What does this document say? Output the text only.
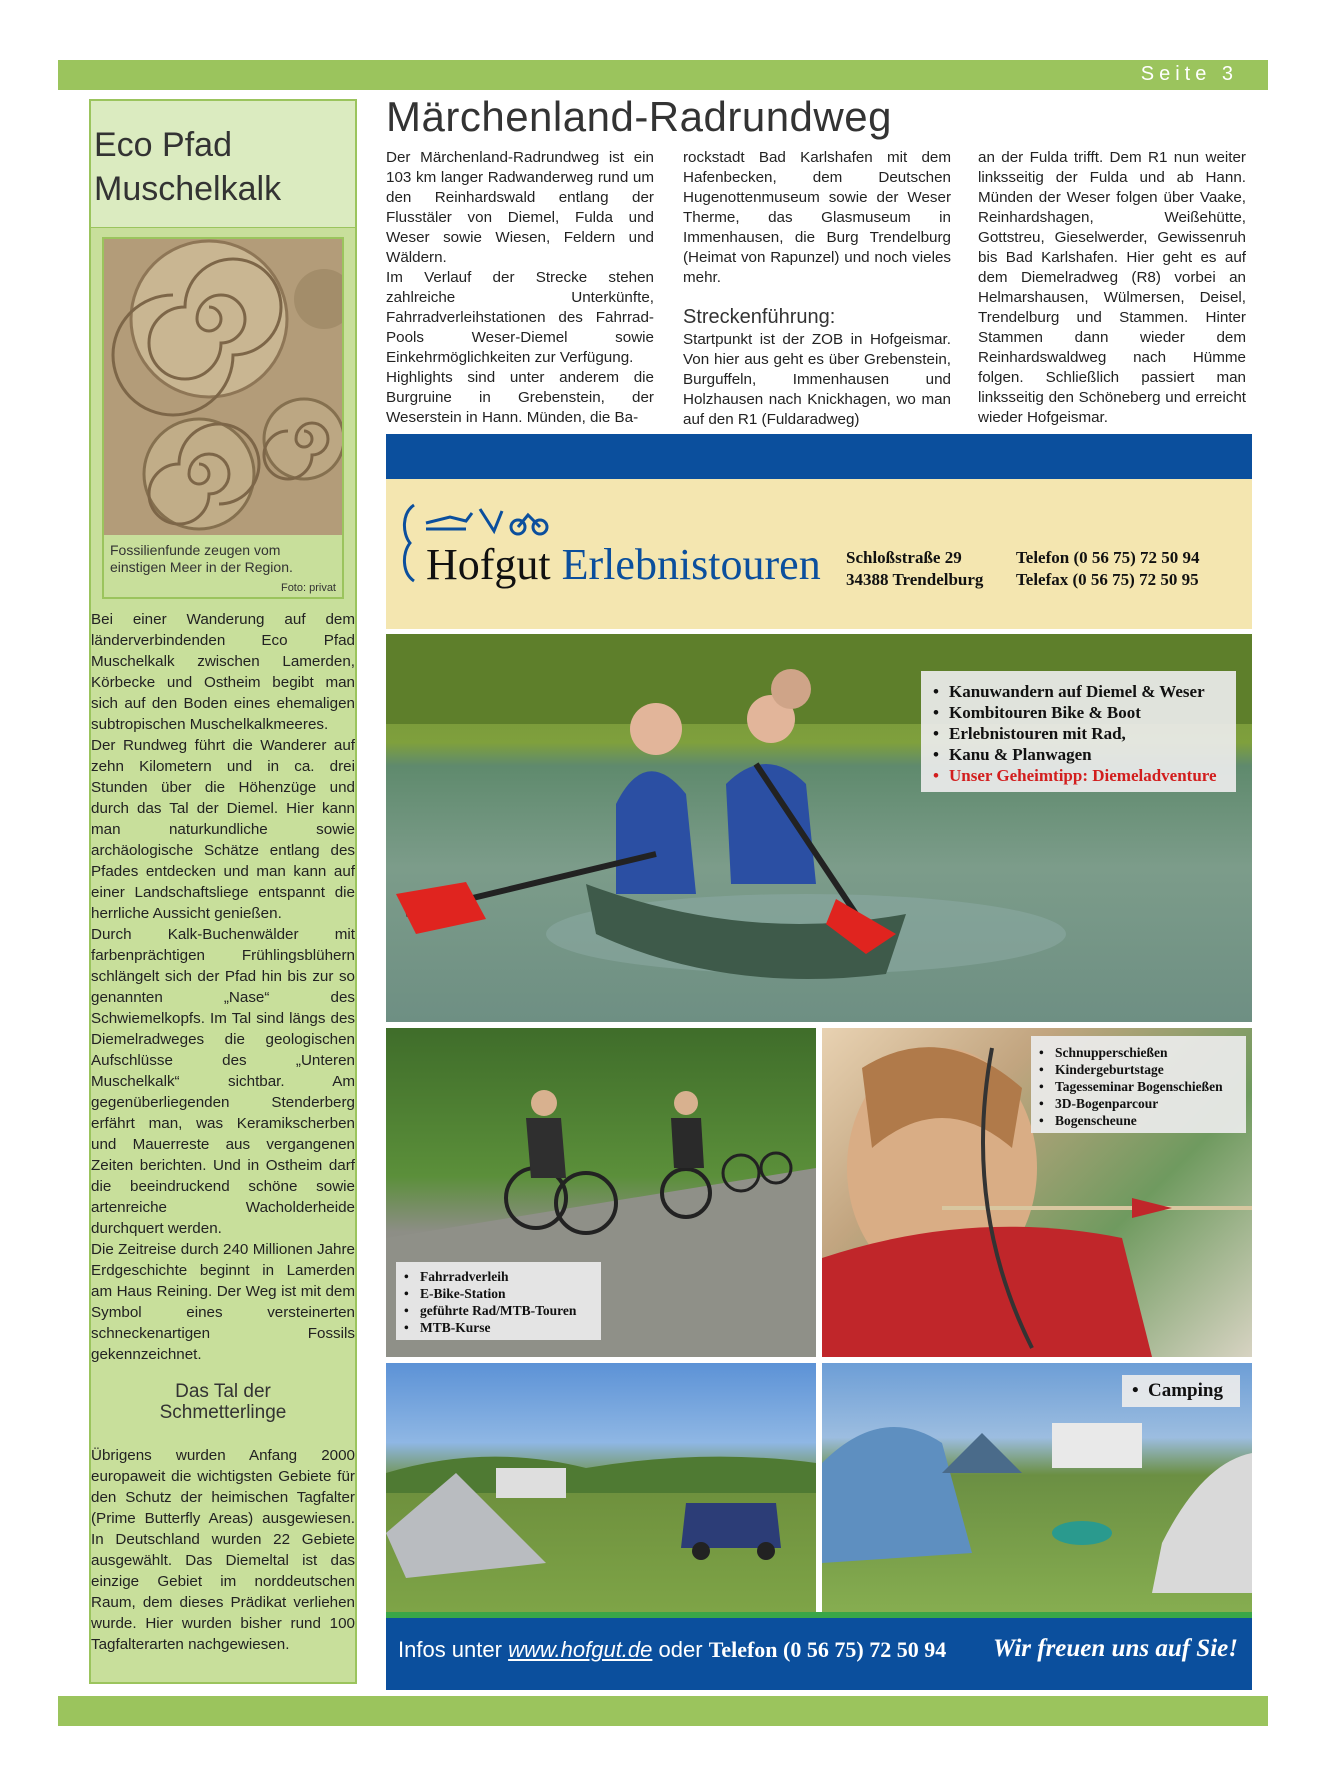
Seite 3
Eco Pfad
Muschelkalk
Fossilienfunde zeugen vom einstigen Meer in der Region.
Foto: privat

Bei einer Wanderung auf dem länderverbindenden Eco Pfad Muschelkalk zwischen Lamerden, Körbecke und Ostheim begibt man sich auf den Boden eines ehemaligen subtropischen Muschelkalkmeeres.

Der Rundweg führt die Wanderer auf zehn Kilometern und in ca. drei Stunden über die Höhenzüge und durch das Tal der Diemel. Hier kann man naturkundliche sowie archäologische Schätze entlang des Pfades entdecken und man kann auf einer Landschaftsliege entspannt die herrliche Aussicht genießen.

Durch Kalk-Buchenwälder mit farbenprächtigen Frühlingsblühern schlängelt sich der Pfad hin bis zur so genannten „Nase“ des Schwiemelkopfs. Im Tal sind längs des Diemelradweges die geologischen Aufschlüsse des „Unteren Muschelkalk“ sichtbar. Am gegenüberliegenden Stenderberg erfährt man, was Keramikscherben und Mauerreste aus vergangenen Zeiten berichten. Und in Ostheim darf die beeindruckend schöne sowie artenreiche Wacholderheide durchquert werden.

Die Zeitreise durch 240 Millionen Jahre Erdgeschichte beginnt in Lamerden am Haus Reining. Der Weg ist mit dem Symbol eines versteinerten schneckenartigen Fossils gekennzeichnet.

Das Tal der
Schmetterlinge

Übrigens wurden Anfang 2000 europaweit die wichtigsten Gebiete für den Schutz der heimischen Tagfalter (Prime Butterfly Areas) ausgewiesen. In Deutschland wurden 22 Gebiete ausgewählt. Das Diemeltal ist das einzige Gebiet im norddeutschen Raum, dem dieses Prädikat verliehen wurde. Hier wurden bisher rund 100 Tagfalterarten nachgewiesen.

Märchenland-Radrundweg

Der Märchenland-Radrundweg ist ein 103 km langer Radwanderweg rund um den Reinhardswald entlang der Flusstäler von Diemel, Fulda und Weser sowie Wiesen, Feldern und Wäldern.

Im Verlauf der Strecke stehen zahlreiche Unterkünfte, Fahrradverleihstationen des Fahrrad-Pools Weser-Diemel sowie Einkehrmöglichkeiten zur Verfügung.

Highlights sind unter anderem die Burgruine in Grebenstein, der Weserstein in Hann. Münden, die Ba-

rockstadt Bad Karlshafen mit dem Hafenbecken, dem Deutschen Hugenottenmuseum sowie der Weser Therme, das Glasmuseum in Immenhausen, die Burg Trendelburg (Heimat von Rapunzel) und noch vieles mehr.

Streckenführung:

Startpunkt ist der ZOB in Hofgeismar. Von hier aus geht es über Grebenstein, Burguffeln, Immenhausen und Holzhausen nach Knickhagen, wo man auf den R1 (Fuldaradweg)

an der Fulda trifft. Dem R1 nun weiter linksseitig der Fulda und ab Hann. Münden der Weser folgen über Vaake, Reinhardshagen, Weißehütte, Gottstreu, Gieselwerder, Gewissenruh bis Bad Karlshafen. Hier geht es auf dem Diemelradweg (R8) vorbei an Helmarshausen, Wülmersen, Deisel, Trendelburg und Stammen. Hinter Stammen dann wieder dem Reinhardswaldweg nach Hümme folgen. Schließlich passiert man linksseitig den Schöneberg und erreicht wieder Hofgeismar.

Hofgut Erlebnistouren Schloßstraße 29
34388 Trendelburg
Telefon (0 56 75) 72 50 94
Telefax (0 56 75) 72 50 95
• Kanuwandern auf Diemel & Weser
• Kombitouren Bike & Boot
• Erlebnistouren mit Rad,
• Kanu & Planwagen
• Unser Geheimtipp: Diemeladventure
• Fahrradverleih
• E-Bike-Station
• geführte Rad/MTB-Touren
• MTB-Kurse
• Schnupperschießen
• Kindergeburtstage
• Tagesseminar Bogenschießen
• 3D-Bogenparcour
• Bogenscheune
• Camping
Infos unter www.hofgut.de oder Telefon (0 56 75) 72 50 94 Wir freuen uns auf Sie!
